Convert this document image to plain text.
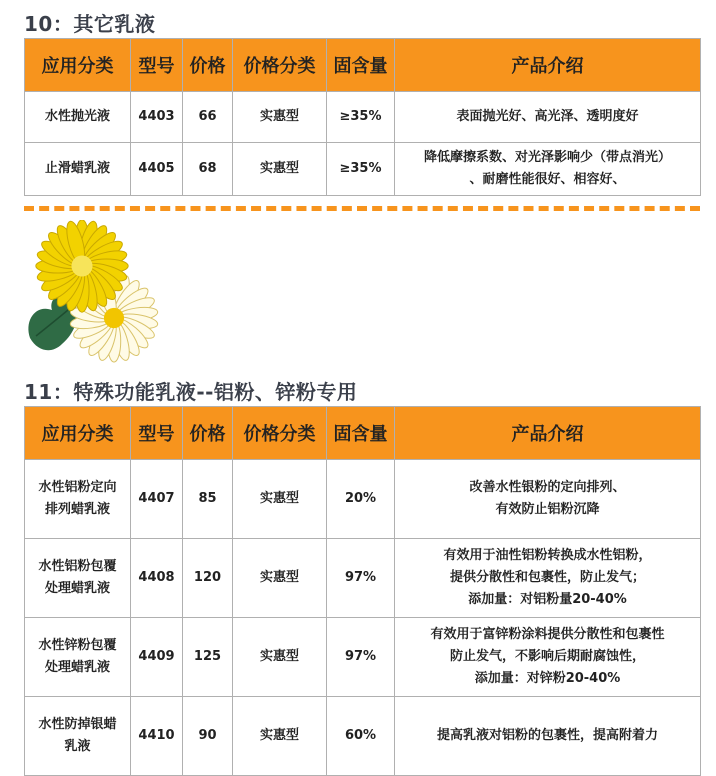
10：其它乳液
应用分类	型号	价格	价格分类	固含量	产品介绍
水性抛光液	4403	66	实惠型	≥35%	表面抛光好、高光泽、透明度好
止滑蜡乳液	4405	68	实惠型	≥35%	降低摩擦系数、对光泽影响少（带点消光）
、耐磨性能很好、相容好、
11：特殊功能乳液--铝粉、锌粉专用
应用分类	型号	价格	价格分类	固含量	产品介绍
水性铝粉定向
排列蜡乳液	4407	85	实惠型	20%	改善水性银粉的定向排列、
有效防止铝粉沉降
水性铝粉包覆
处理蜡乳液	4408	120	实惠型	97%	有效用于油性铝粉转换成水性铝粉，
提供分散性和包裹性，防止发气；
添加量：对铝粉量20-40%
水性锌粉包覆
处理蜡乳液	4409	125	实惠型	97%	有效用于富锌粉涂料提供分散性和包裹性
防止发气，不影响后期耐腐蚀性，
添加量：对锌粉20-40%
水性防掉银蜡
乳液	4410	90	实惠型	60%	提高乳液对铝粉的包裹性，提高附着力
